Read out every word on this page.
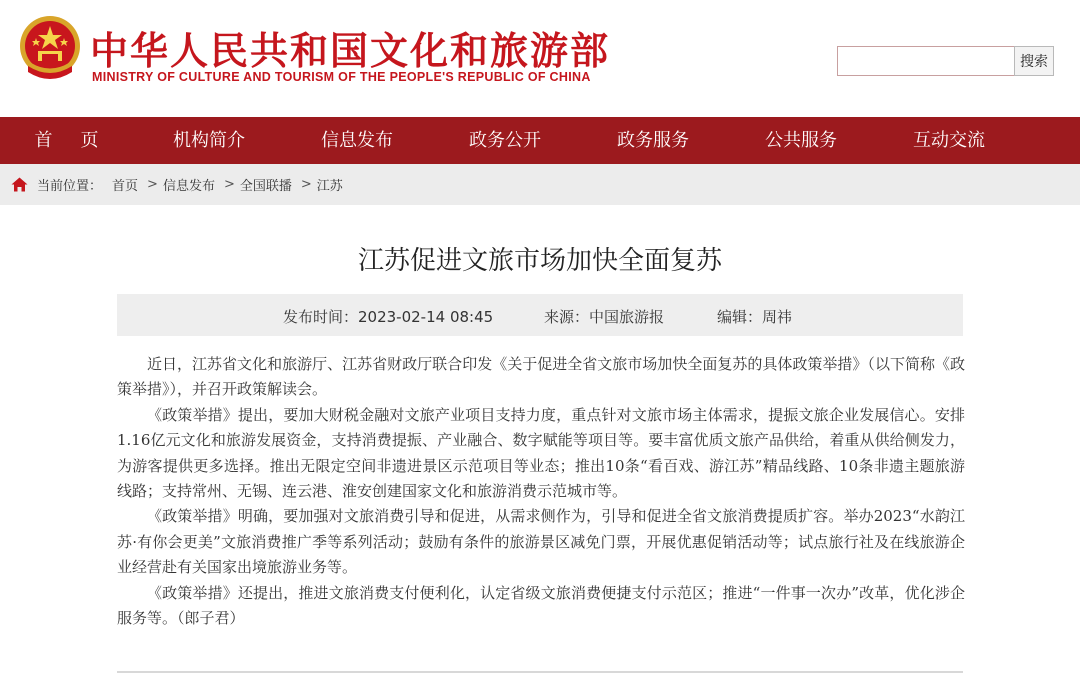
中华人民共和国文化和旅游部
MINISTRY OF CULTURE AND TOURISM OF THE PEOPLE'S REPUBLIC OF CHINA
搜索
首页	机构简介	信息发布	政务公开	政务服务	公共服务	互动交流
当前位置： 首页 > 信息发布 > 全国联播 > 江苏
江苏促进文旅市场加快全面复苏
发布时间：2023-02-14 08:45	来源：中国旅游报	编辑：周祎

近日，江苏省文化和旅游厅、江苏省财政厅联合印发《关于促进全省文旅市场加快全面复苏的具体政策举措》（以下简称《政策举措》），并召开政策解读会。

《政策举措》提出，要加大财税金融对文旅产业项目支持力度，重点针对文旅市场主体需求，提振文旅企业发展信心。安排1.16亿元文化和旅游发展资金，支持消费提振、产业融合、数字赋能等项目等。要丰富优质文旅产品供给，着重从供给侧发力，为游客提供更多选择。推出无限定空间非遗进景区示范项目等业态；推出10条“看百戏、游江苏”精品线路、10条非遗主题旅游线路；支持常州、无锡、连云港、淮安创建国家文化和旅游消费示范城市等。

《政策举措》明确，要加强对文旅消费引导和促进，从需求侧作为，引导和促进全省文旅消费提质扩容。举办2023“水韵江苏·有你会更美”文旅消费推广季等系列活动；鼓励有条件的旅游景区减免门票，开展优惠促销活动等；试点旅行社及在线旅游企业经营赴有关国家出境旅游业务等。

《政策举措》还提出，推进文旅消费支付便利化，认定省级文旅消费便捷支付示范区；推进“一件事一次办”改革，优化涉企服务等。（郎子君）
